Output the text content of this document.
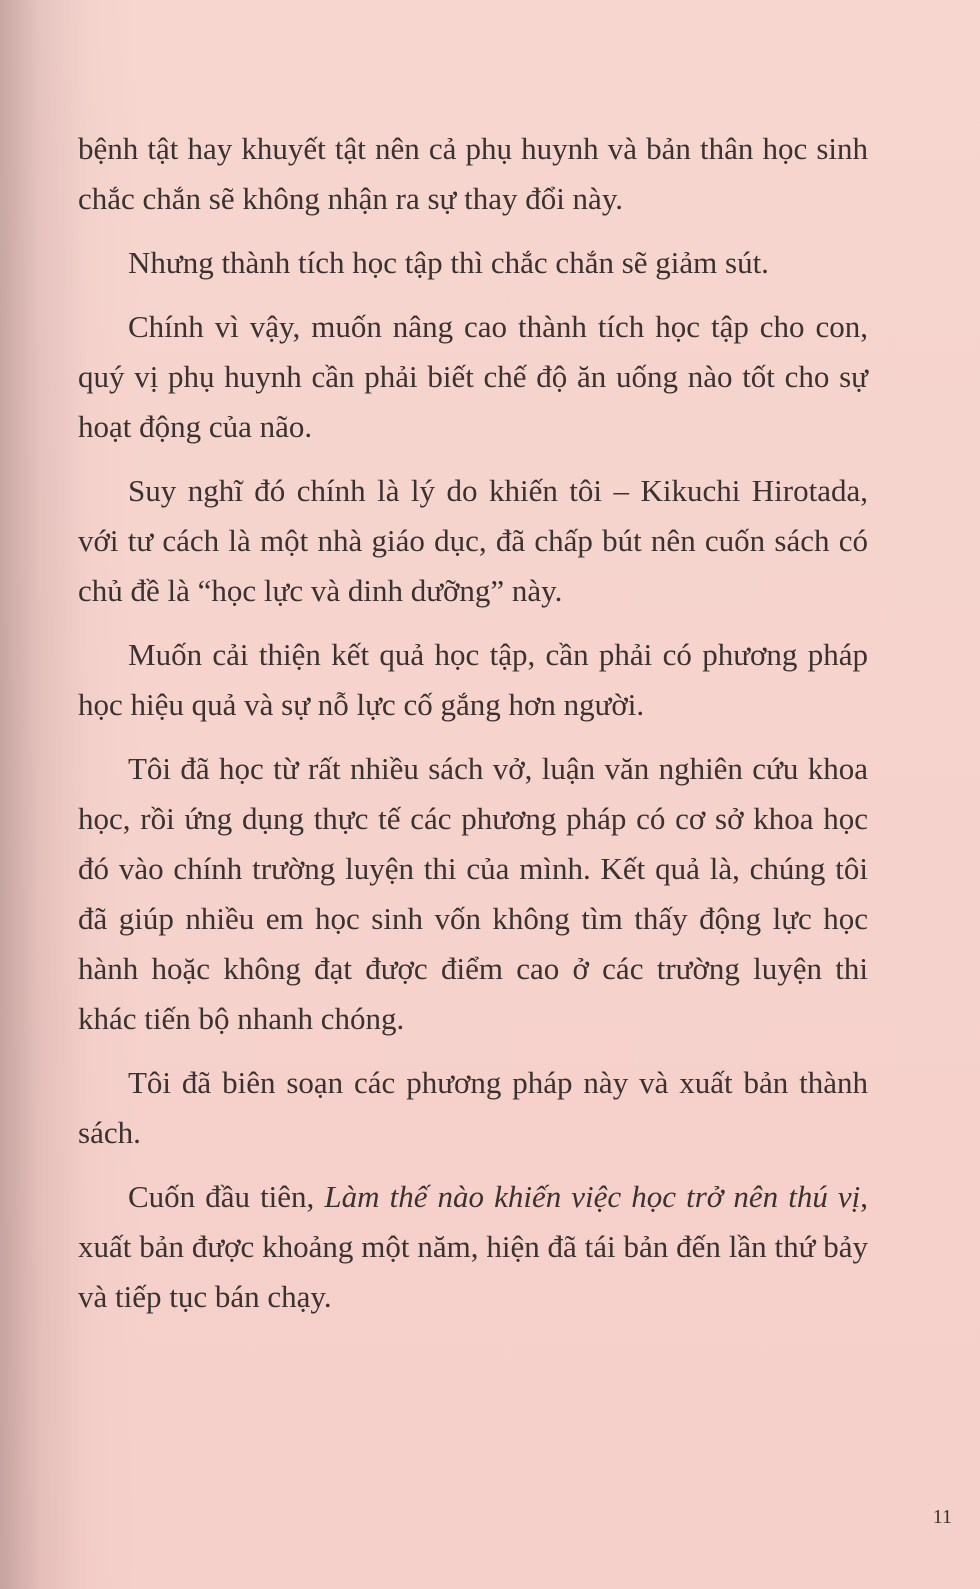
bệnh tật hay khuyết tật nên cả phụ huynh và bản thân học sinh chắc chắn sẽ không nhận ra sự thay đổi này.

Nhưng thành tích học tập thì chắc chắn sẽ giảm sút.

Chính vì vậy, muốn nâng cao thành tích học tập cho con, quý vị phụ huynh cần phải biết chế độ ăn uống nào tốt cho sự hoạt động của não.

Suy nghĩ đó chính là lý do khiến tôi – Kikuchi Hirotada, với tư cách là một nhà giáo dục, đã chấp bút nên cuốn sách có chủ đề là “học lực và dinh dưỡng” này.

Muốn cải thiện kết quả học tập, cần phải có phương pháp học hiệu quả và sự nỗ lực cố gắng hơn người.

Tôi đã học từ rất nhiều sách vở, luận văn nghiên cứu khoa học, rồi ứng dụng thực tế các phương pháp có cơ sở khoa học đó vào chính trường luyện thi của mình. Kết quả là, chúng tôi đã giúp nhiều em học sinh vốn không tìm thấy động lực học hành hoặc không đạt được điểm cao ở các trường luyện thi khác tiến bộ nhanh chóng.

Tôi đã biên soạn các phương pháp này và xuất bản thành sách.

Cuốn đầu tiên, Làm thế nào khiến việc học trở nên thú vị, xuất bản được khoảng một năm, hiện đã tái bản đến lần thứ bảy và tiếp tục bán chạy.

11
